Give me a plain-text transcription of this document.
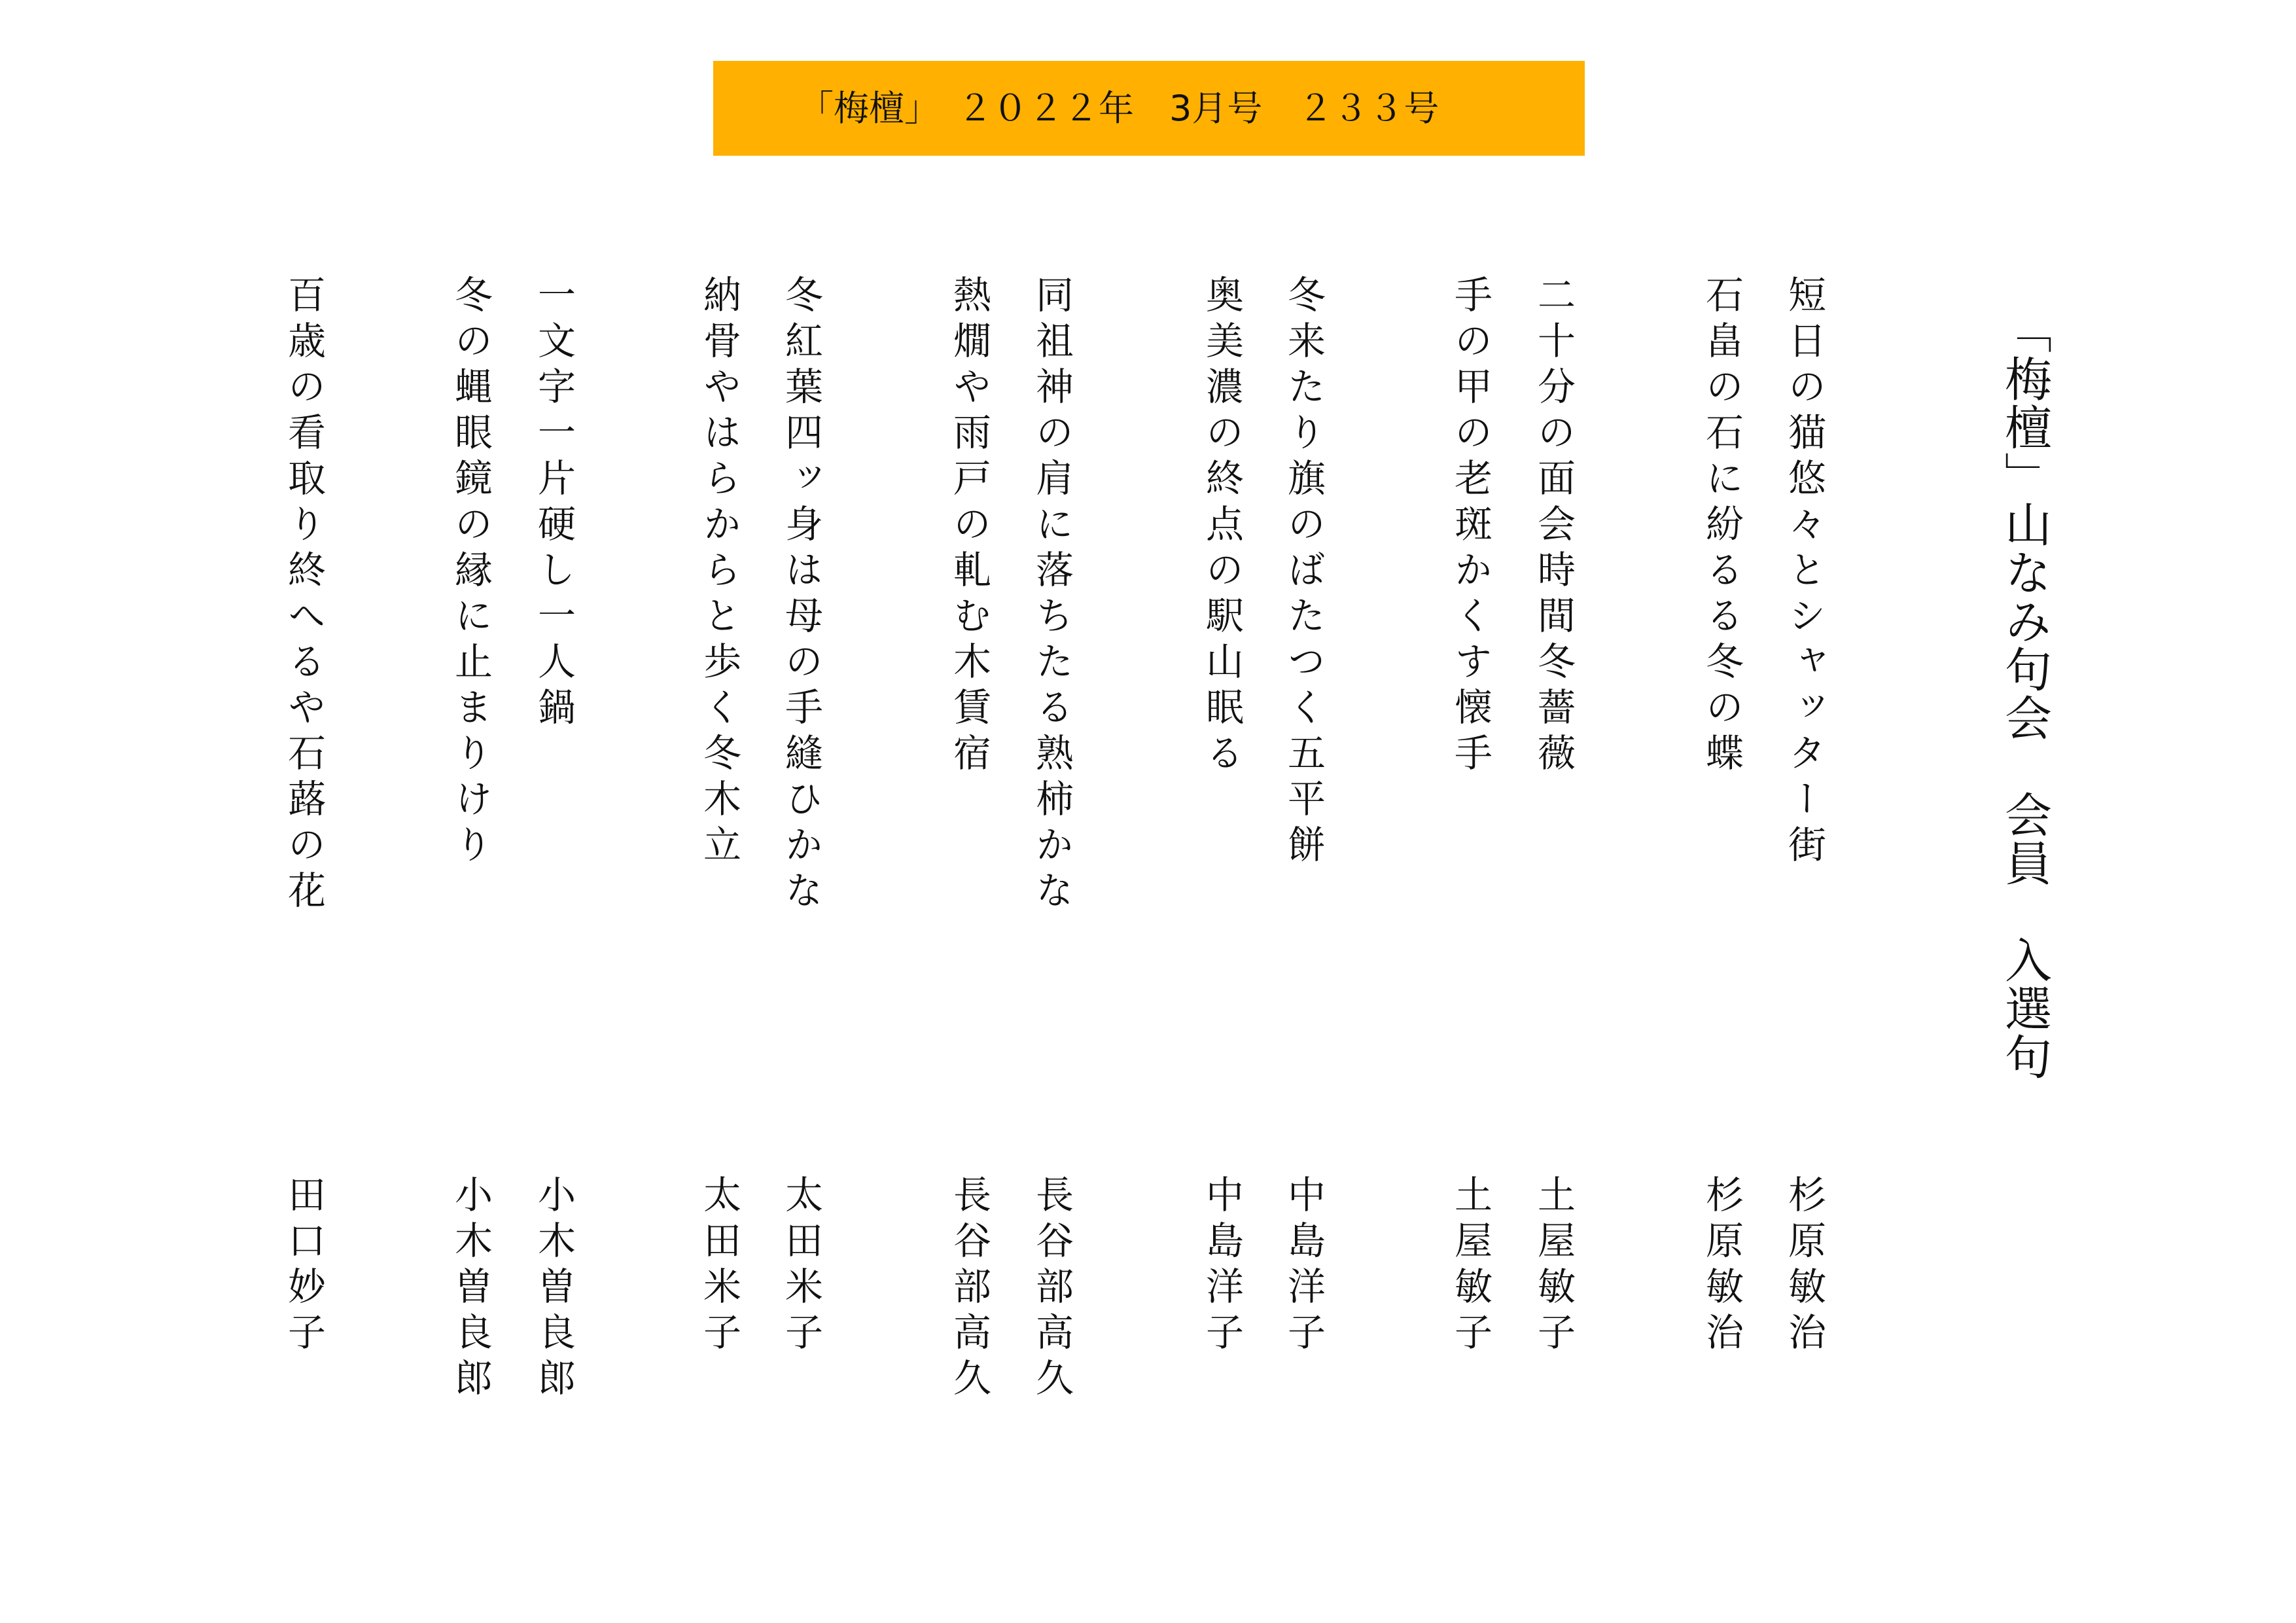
「梅檀」　２０２２年　3月号　２３３号
「梅檀」山なみ句会　会員　入選句
短日の猫悠々とシャッター街
杉原敏治
石畠の石に紛るる冬の蝶
杉原敏治
二十分の面会時間冬薔薇
土屋敏子
手の甲の老斑かくす懐手
土屋敏子
冬来たり旗のばたつく五平餅
中島洋子
奥美濃の終点の駅山眠る
中島洋子
同祖神の肩に落ちたる熟柿かな
長谷部高久
熱燗や雨戸の軋む木賃宿
長谷部高久
冬紅葉四ッ身は母の手縫ひかな
太田米子
納骨やはらからと歩く冬木立
太田米子
一文字一片硬し一人鍋
小木曽良郎
冬の蝿眼鏡の縁に止まりけり
小木曽良郎
百歳の看取り終へるや石蕗の花
田口妙子
